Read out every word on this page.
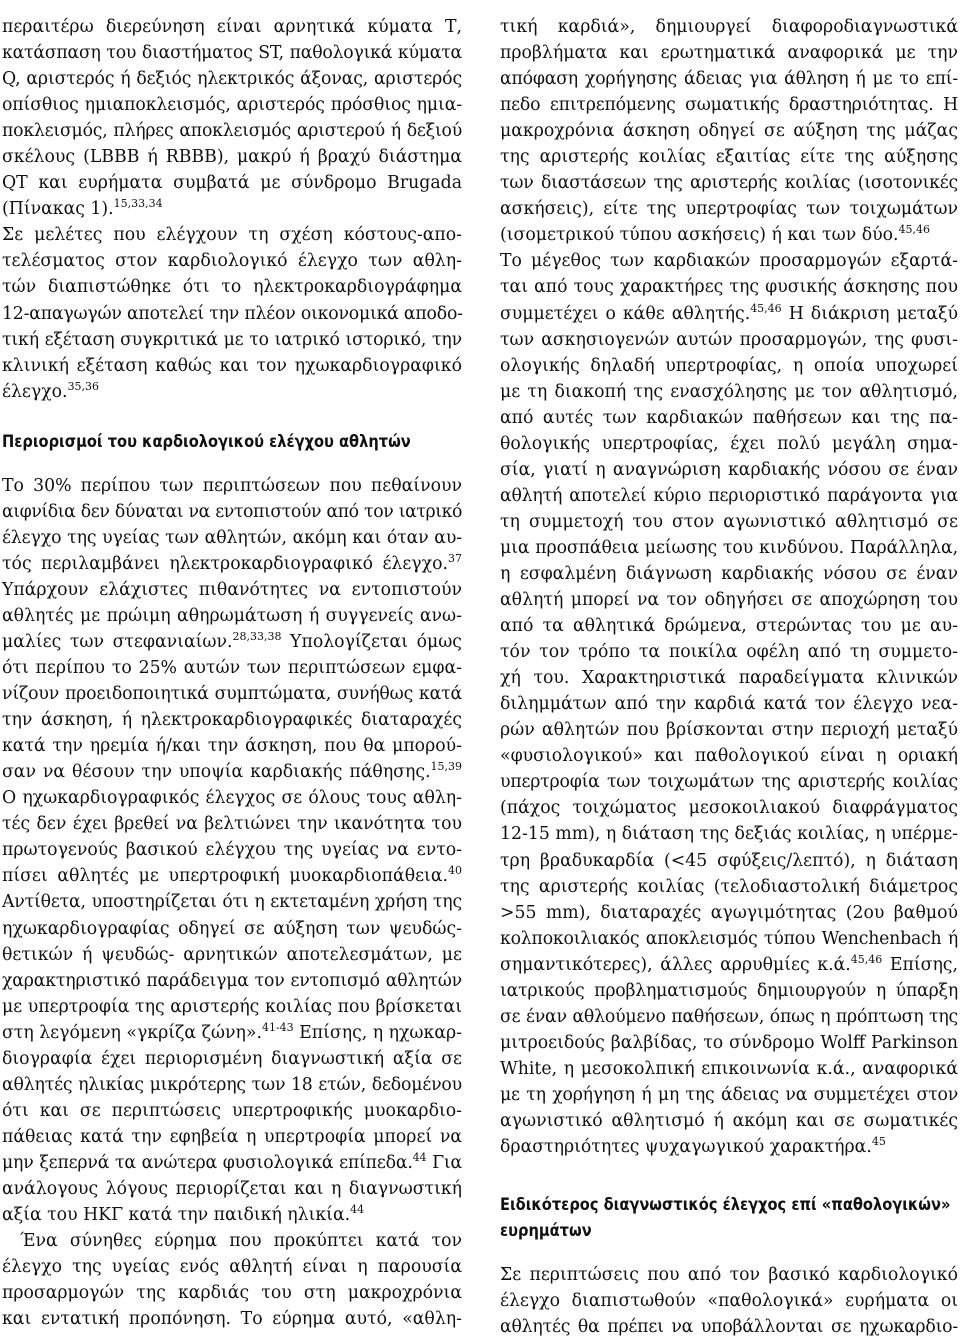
περαιτέρω διερεύνηση είναι αρνητικά κύματα Τ,
κατάσπαση του διαστήματος ST, παθολογικά κύματα
Q, αριστερός ή δεξιός ηλεκτρικός άξονας, αριστερός
οπίσθιος ημιαποκλεισμός, αριστερός πρόσθιος ημια-
ποκλεισμός, πλήρες αποκλεισμός αριστερού ή δεξιού
σκέλους (LBBB ή RBBB), μακρύ ή βραχύ διάστημα
QT και ευρήματα συμβατά με σύνδρομο Brugada
(Πίνακας 1).$^{15,33,34}$

Σε μελέτες που ελέγχουν τη σχέση κόστους-απο-
τελέσματος στον καρδιολογικό έλεγχο των αθλη-
τών διαπιστώθηκε ότι το ηλεκτροκαρδιογράφημα
12-απαγωγών αποτελεί την πλέον οικονομικά αποδο-
τική εξέταση συγκριτικά με το ιατρικό ιστορικό, την
κλινική εξέταση καθώς και τον ηχωκαρδιογραφικό
έλεγχο.$^{35,36}$

Περιορισμοί του καρδιολογικού ελέγχου αθλητών

Το 30% περίπου των περιπτώσεων που πεθαίνουν
αιφνίδια δεν δύναται να εντοπιστούν από τον ιατρικό
έλεγχο της υγείας των αθλητών, ακόμη και όταν αυ-
τός περιλαμβάνει ηλεκτροκαρδιογραφικό έλεγχο.$^{37}$
Υπάρχουν ελάχιστες πιθανότητες να εντοπιστούν
αθλητές με πρώιμη αθηρωμάτωση ή συγγενείς ανω-
μαλίες των στεφανιαίων.$^{28,33,38}$ Υπολογίζεται όμως
ότι περίπου το 25% αυτών των περιπτώσεων εμφα-
νίζουν προειδοποιητικά συμπτώματα, συνήθως κατά
την άσκηση, ή ηλεκτροκαρδιογραφικές διαταραχές
κατά την ηρεμία ή/και την άσκηση, που θα μπορού-
σαν να θέσουν την υποψία καρδιακής πάθησης.$^{15,39}$
Ο ηχωκαρδιογραφικός έλεγχος σε όλους τους αθλη-
τές δεν έχει βρεθεί να βελτιώνει την ικανότητα του
πρωτογενούς βασικού ελέγχου της υγείας να εντο-
πίσει αθλητές με υπερτροφική μυοκαρδιοπάθεια.$^{40}$
Αντίθετα, υποστηρίζεται ότι η εκτεταμένη χρήση της
ηχωκαρδιογραφίας οδηγεί σε αύξηση των ψευδώς-
θετικών ή ψευδώς- αρνητικών αποτελεσμάτων, με
χαρακτηριστικό παράδειγμα τον εντοπισμό αθλητών
με υπερτροφία της αριστερής κοιλίας που βρίσκεται
στη λεγόμενη «γκρίζα ζώνη».$^{41-43}$ Επίσης, η ηχωκαρ-
διογραφία έχει περιορισμένη διαγνωστική αξία σε
αθλητές ηλικίας μικρότερης των 18 ετών, δεδομένου
ότι και σε περιπτώσεις υπερτροφικής μυοκαρδιο-
πάθειας κατά την εφηβεία η υπερτροφία μπορεί να
μην ξεπερνά τα ανώτερα φυσιολογικά επίπεδα.$^{44}$ Για
ανάλογους λόγους περιορίζεται και η διαγνωστική
αξία του ΗΚΓ κατά την παιδική ηλικία.$^{44}$

Ένα σύνηθες εύρημα που προκύπτει κατά τον
έλεγχο της υγείας ενός αθλητή είναι η παρουσία
προσαρμογών της καρδιάς του στη μακροχρόνια
και εντατική προπόνηση. Το εύρημα αυτό, «αθλη-

τική καρδιά», δημιουργεί διαφοροδιαγνωστικά
προβλήματα και ερωτηματικά αναφορικά με την
απόφαση χορήγησης άδειας για άθληση ή με το επί-
πεδο επιτρεπόμενης σωματικής δραστηριότητας. Η
μακροχρόνια άσκηση οδηγεί σε αύξηση της μάζας
της αριστερής κοιλίας εξαιτίας είτε της αύξησης
των διαστάσεων της αριστερής κοιλίας (ισοτονικές
ασκήσεις), είτε της υπερτροφίας των τοιχωμάτων
(ισομετρικού τύπου ασκήσεις) ή και των δύο.$^{45,46}$
Το μέγεθος των καρδιακών προσαρμογών εξαρτά-
ται από τους χαρακτήρες της φυσικής άσκησης που
συμμετέχει ο κάθε αθλητής.$^{45,46}$ Η διάκριση μεταξύ
των ασκησιογενών αυτών προσαρμογών, της φυσι-
ολογικής δηλαδή υπερτροφίας, η οποία υποχωρεί
με τη διακοπή της ενασχόλησης με τον αθλητισμό,
από αυτές των καρδιακών παθήσεων και της πα-
θολογικής υπερτροφίας, έχει πολύ μεγάλη σημα-
σία, γιατί η αναγνώριση καρδιακής νόσου σε έναν
αθλητή αποτελεί κύριο περιοριστικό παράγοντα για
τη συμμετοχή του στον αγωνιστικό αθλητισμό σε
μια προσπάθεια μείωσης του κινδύνου. Παράλληλα,
η εσφαλμένη διάγνωση καρδιακής νόσου σε έναν
αθλητή μπορεί να τον οδηγήσει σε αποχώρηση του
από τα αθλητικά δρώμενα, στερώντας του με αυ-
τόν τον τρόπο τα ποικίλα οφέλη από τη συμμετο-
χή του. Χαρακτηριστικά παραδείγματα κλινικών
διλημμάτων από την καρδιά κατά τον έλεγχο νεα-
ρών αθλητών που βρίσκονται στην περιοχή μεταξύ
«φυσιολογικού» και παθολογικού είναι η οριακή
υπερτροφία των τοιχωμάτων της αριστερής κοιλίας
(πάχος τοιχώματος μεσοκοιλιακού διαφράγματος
12-15 mm), η διάταση της δεξιάς κοιλίας, η υπέρμε-
τρη βραδυκαρδία (<45 σφύξεις/λεπτό), η διάταση
της αριστερής κοιλίας (τελοδιαστολική διάμετρος
>55 mm), διαταραχές αγωγιμότητας (2ου βαθμού
κολποκοιλιακός αποκλεισμός τύπου Wenchenbach ή
σημαντικότερες), άλλες αρρυθμίες κ.ά.$^{45,46}$ Επίσης,
ιατρικούς προβληματισμούς δημιουργούν η ύπαρξη
σε έναν αθλούμενο παθήσεων, όπως η πρόπτωση της
μιτροειδούς βαλβίδας, το σύνδρομο Wolff Parkinson
White, η μεσοκολπική επικοινωνία κ.ά., αναφορικά
με τη χορήγηση ή μη της άδειας να συμμετέχει στον
αγωνιστικό αθλητισμό ή ακόμη και σε σωματικές
δραστηριότητες ψυχαγωγικού χαρακτήρα.$^{45}$

Ειδικότερος διαγνωστικός έλεγχος επί «παθολογικών»
ευρημάτων

Σε περιπτώσεις που από τον βασικό καρδιολογικό
έλεγχο διαπιστωθούν «παθολογικά» ευρήματα οι
αθλητές θα πρέπει να υποβάλλονται σε ηχωκαρδιο-
